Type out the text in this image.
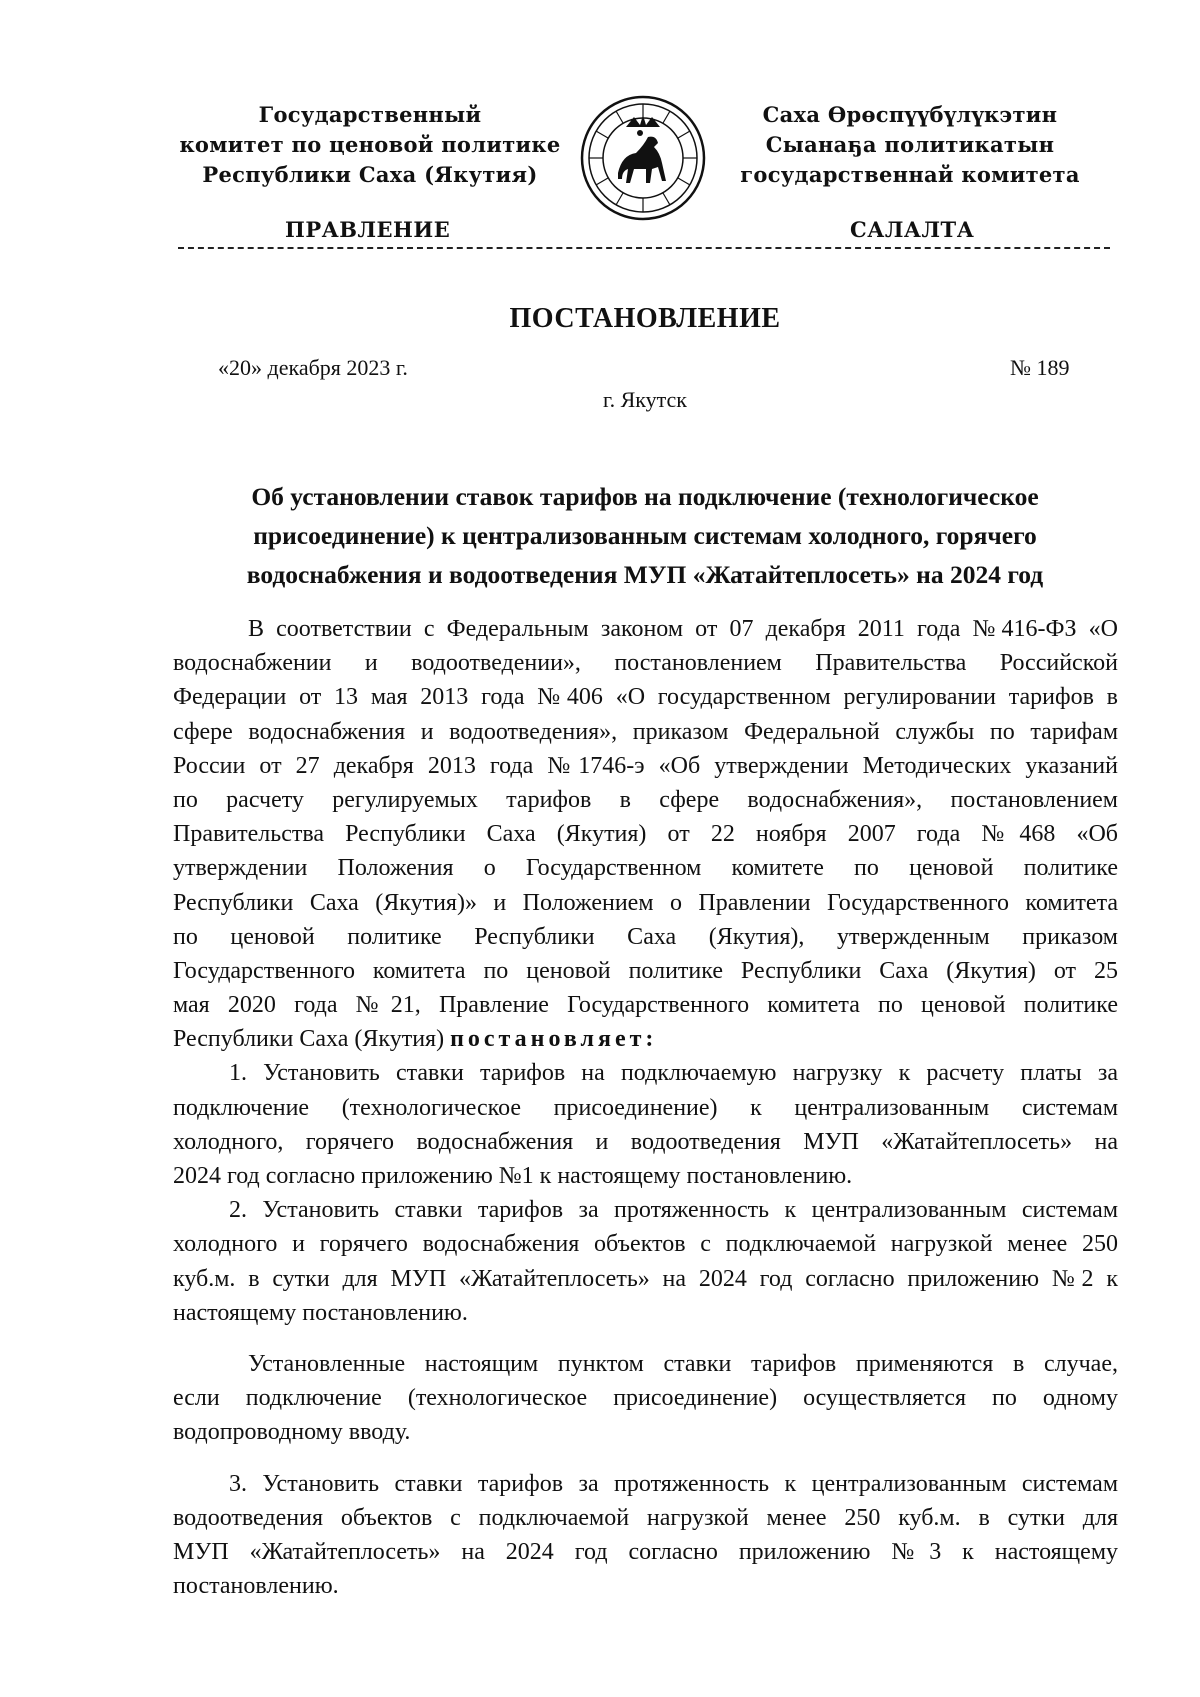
Государственный
комитет по ценовой политике
Республики Саха (Якутия)
Саха Өрөспүүбүлүкэтин
Сыанаҕа политикатын
государственнай комитета
ПРАВЛЕНИЕ	САЛАЛТА
ПОСТАНОВЛЕНИЕ
«20» декабря 2023 г.	№ 189
г. Якутск
Об установлении ставок тарифов на подключение (технологическое
присоединение) к централизованным системам холодного, горячего
водоснабжения и водоотведения МУП «Жатайтеплосеть» на 2024 год
В соответствии с Федеральным законом от 07 декабря 2011 года №416-ФЗ «О
водоснабжении и водоотведении», постановлением Правительства Российской
Федерации от 13 мая 2013 года №406 «О государственном регулировании тарифов в
сфере водоснабжения и водоотведения», приказом Федеральной службы по тарифам
России от 27 декабря 2013 года №1746-э «Об утверждении Методических указаний
по расчету регулируемых тарифов в сфере водоснабжения», постановлением
Правительства Республики Саха (Якутия) от 22 ноября 2007 года №468 «Об
утверждении Положения о Государственном комитете по ценовой политике
Республики Саха (Якутия)» и Положением о Правлении Государственного комитета
по ценовой политике Республики Саха (Якутия), утвержденным приказом
Государственного комитета по ценовой политике Республики Саха (Якутия) от 25
мая 2020 года №21, Правление Государственного комитета по ценовой политике
Республики Саха (Якутия) постановляет:
1. Установить ставки тарифов на подключаемую нагрузку к расчету платы за
подключение (технологическое присоединение) к централизованным системам
холодного, горячего водоснабжения и водоотведения МУП «Жатайтеплосеть» на
2024 год согласно приложению №1 к настоящему постановлению.
2. Установить ставки тарифов за протяженность к централизованным системам
холодного и горячего водоснабжения объектов с подключаемой нагрузкой менее 250
куб.м. в сутки для МУП «Жатайтеплосеть» на 2024 год согласно приложению №2 к
настоящему постановлению.
Установленные настоящим пунктом ставки тарифов применяются в случае,
если подключение (технологическое присоединение) осуществляется по одному
водопроводному вводу.
3. Установить ставки тарифов за протяженность к централизованным системам
водоотведения объектов с подключаемой нагрузкой менее 250 куб.м. в сутки для
МУП «Жатайтеплосеть» на 2024 год согласно приложению №3 к настоящему
постановлению.
